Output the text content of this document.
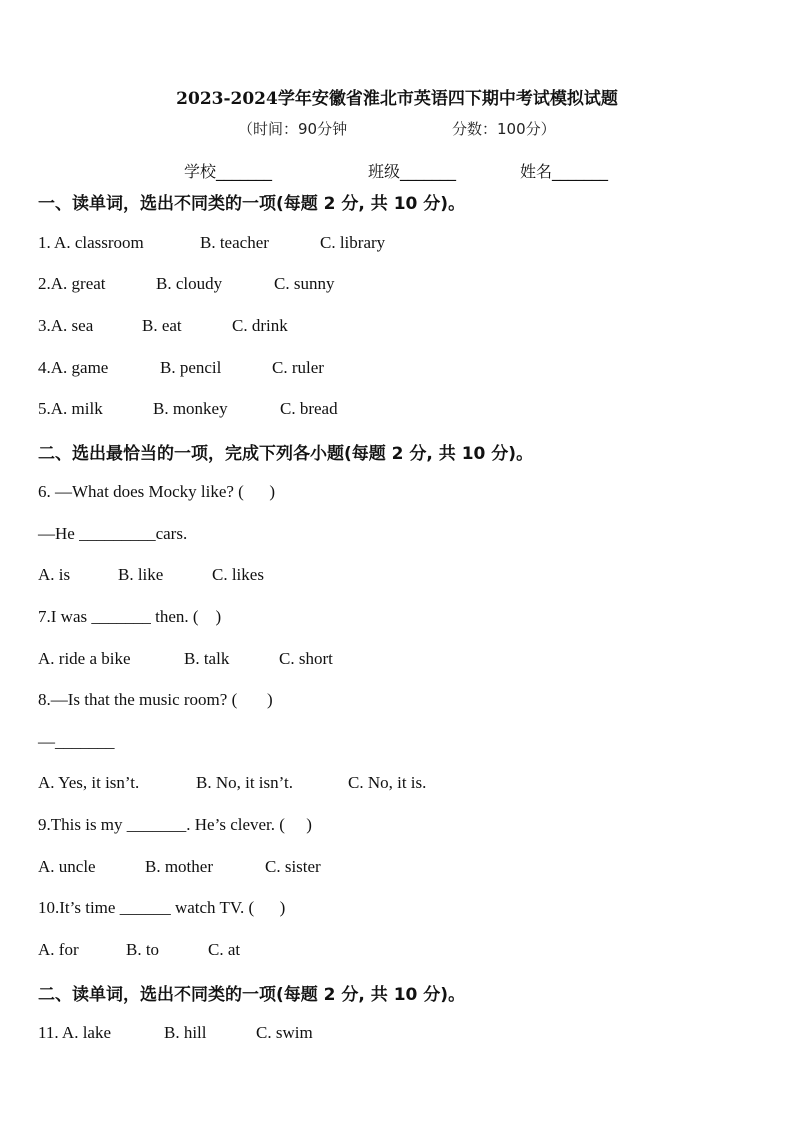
2023-2024学年安徽省淮北市英语四下期中考试模拟试题
（时间：90分钟	分数：100分）
学校_______	班级_______	姓名_______
一、读单词，选出不同类的一项(每题 2 分, 共 10 分)。

1. A. classroom

	B. teacher

	C. library

2.A. great

	B. cloudy

	C. sunny

3.A. sea

	B. eat

	C. drink

4.A. game

	B. pencil

	C. ruler

5.A. milk

	B. monkey

	C. bread

二、选出最恰当的一项，完成下列各小题(每题 2 分, 共 10 分)。
6. —What does Mocky like? (      )
—He _________cars.

A. is

	B. like

	C. likes

7.I was _______ then. (    )

A. ride a bike

	B. talk

	C. short

8.—Is that the music room? (       )
—_______

A. Yes, it isn’t.

	B. No, it isn’t.

	C. No, it is.

9.This is my _______. He’s clever. (     )

A. uncle

	B. mother

	C. sister

10.It’s time ______ watch TV. (      )

A. for

	B. to

	C. at

二、读单词，选出不同类的一项(每题 2 分, 共 10 分)。

11. A. lake

	B. hill

	C. swim
